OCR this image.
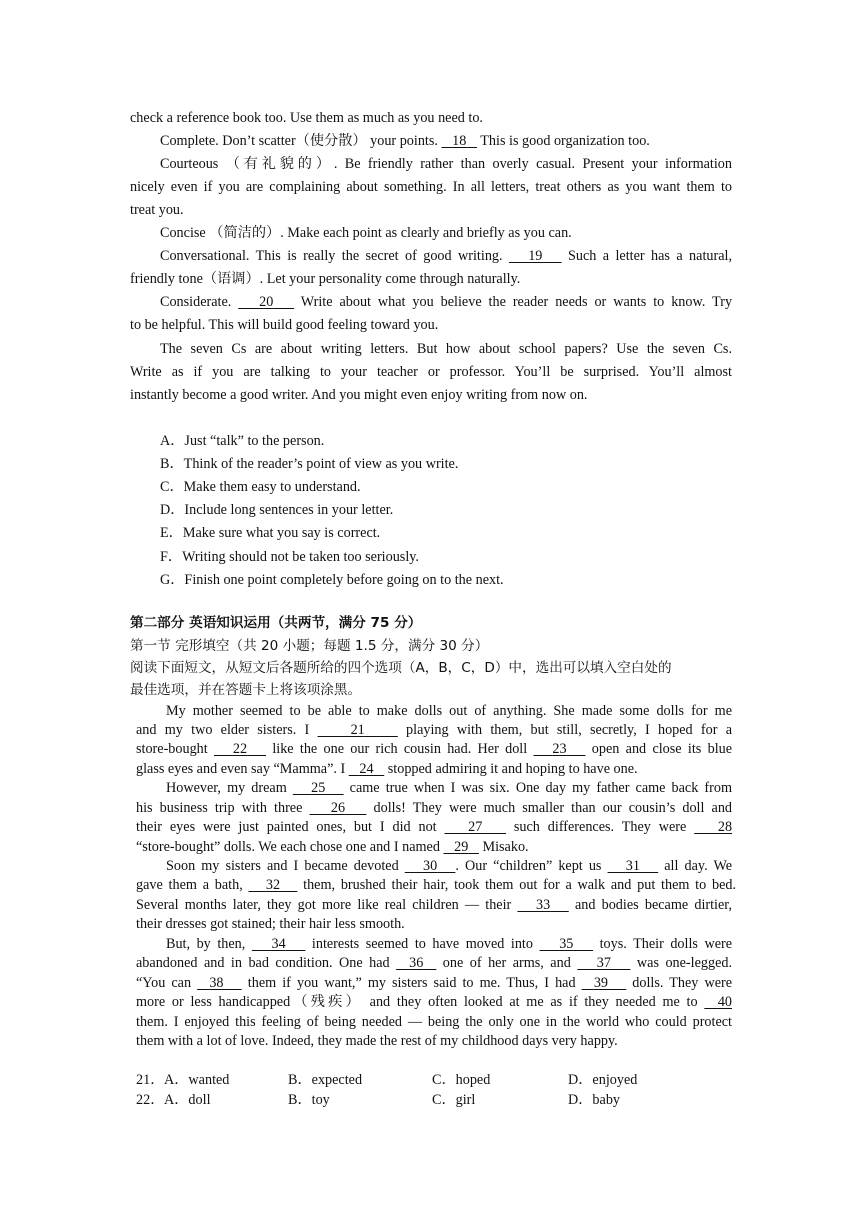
check a reference book too. Use them as much as you need to.
Complete. Don’t scatter（使分散） your points.    18    This is good organization too.
Courteous （有礼貌的）. Be friendly rather than overly casual. Present your information
nicely even if you are complaining about something. In all letters, treat others as you want them to
treat you.
Concise （简洁的）. Make each point as clearly and briefly as you can.
Conversational. This is really the secret of good writing.    19    Such a letter has a natural,
friendly tone（语调）. Let your personality come through naturally.
Considerate.    20    Write about what you believe the reader needs or wants to know. Try
to be helpful. This will build good feeling toward you.
The seven Cs are about writing letters. But how about school papers? Use the seven Cs.
Write as if you are talking to your teacher or professor. You’ll be surprised. You’ll almost
instantly become a good writer. And you might even enjoy writing from now on.
A．Just “talk” to the person.
B．Think of the reader’s point of view as you write.
C．Make them easy to understand.
D．Include long sentences in your letter.
E．Make sure what you say is correct.
F．Writing should not be taken too seriously.
G．Finish one point completely before going on to the next.
第二部分 英语知识运用（共两节，满分 75 分）
第一节 完形填空（共 20 小题；每题 1.5 分，满分 30 分）
阅读下面短文，从短文后各题所给的四个选项（A，B，C，D）中，选出可以填入空白处的
最佳选项，并在答题卡上将该项涂黑。
My mother seemed to be able to make dolls out of anything. She made some dolls for me
and my two elder sisters. I     21     playing with them, but still, secretly, I hoped for a
store-bought    22    like the one our rich cousin had. Her doll    23    open and close its blue
glass eyes and even say “Mamma”. I    24    stopped admiring it and hoping to have one.
However, my dream    25    came true when I was six. One day my father came back from
his business trip with three    26    dolls! They were much smaller than our cousin’s doll and
their eyes were just painted ones, but I did not    27    such differences. They were    28
“store-bought” dolls. We each chose one and I named    29    Misako.
Soon my sisters and I became devoted    30 . Our “children” kept us    31    all day. We
gave them a bath,    32    them, brushed their hair, took them out for a walk and put them to bed.
Several months later, they got more like real children — their    33    and bodies became dirtier,
their dresses got stained; their hair less smooth.
But, by then,    34    interests seemed to have moved into    35    toys. Their dolls were
abandoned and in bad condition. One had   36   one of her arms, and    37    was one-legged.
“You can   38    them if you want,” my sisters said to me. Thus, I had   39    dolls. They were
more or less handicapped（残疾） and they often looked at me as if they needed me to   40
them. I enjoyed this feeling of being needed — being the only one in the world who could protect
them with a lot of love. Indeed, they made the rest of my childhood days very happy.
21． A．wanted	B．expected	C．hoped	D．enjoyed
22． A．doll	B．toy	C．girl	D．baby
